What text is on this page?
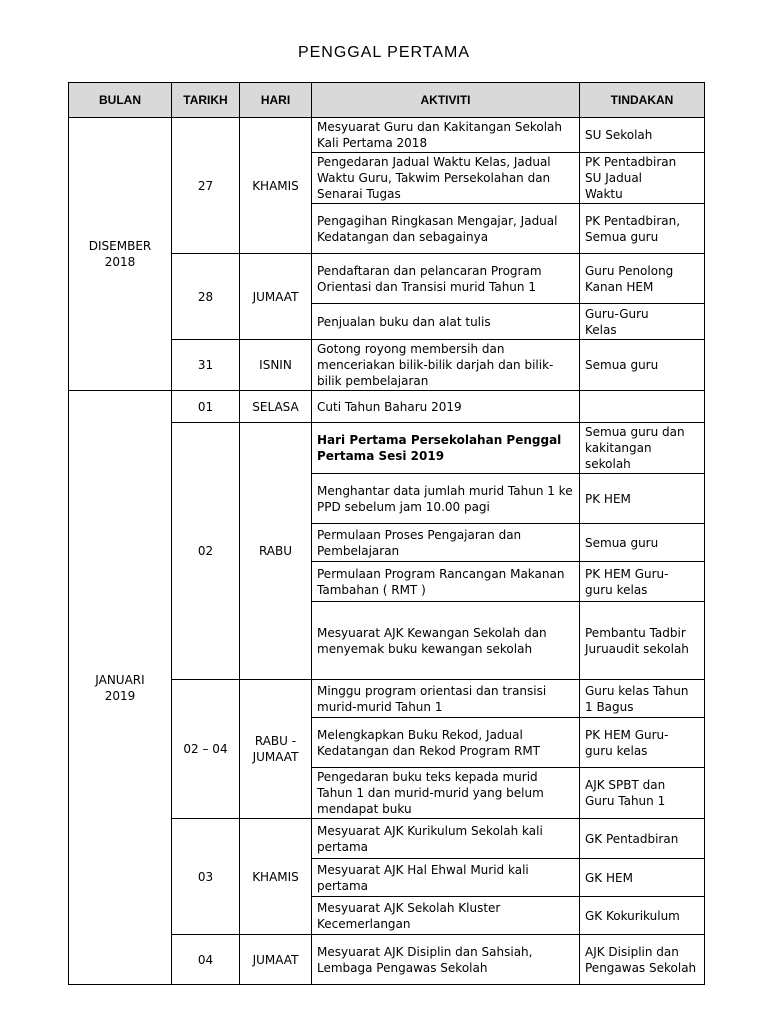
PENGGAL PERTAMA
BULAN	TARIKH	HARI	AKTIVITI	TINDAKAN
DISEMBER 2018	27	KHAMIS	Mesyuarat Guru dan Kakitangan Sekolah Kali Pertama 2018	SU Sekolah
			Pengedaran Jadual Waktu Kelas, Jadual Waktu Guru, Takwim Persekolahan dan Senarai Tugas	PK Pentadbiran SU Jadual Waktu
			Pengagihan Ringkasan Mengajar, Jadual Kedatangan dan sebagainya	PK Pentadbiran, Semua guru
	28	JUMAAT	Pendaftaran dan pelancaran Program Orientasi dan Transisi murid Tahun 1	Guru Penolong Kanan HEM
			Penjualan buku dan alat tulis	Guru-Guru Kelas
	31	ISNIN	Gotong royong membersih dan menceriakan bilik-bilik darjah dan bilik-bilik pembelajaran	Semua guru
JANUARI 2019	01	SELASA	Cuti Tahun Baharu 2019	
	02	RABU	Hari Pertama Persekolahan Penggal Pertama Sesi 2019	Semua guru dan kakitangan sekolah
			Menghantar data jumlah murid Tahun 1 ke PPD sebelum jam 10.00 pagi	PK HEM
			Permulaan Proses Pengajaran dan Pembelajaran	Semua guru
			Permulaan Program Rancangan Makanan Tambahan ( RMT )	PK HEM Guru-guru kelas
			Mesyuarat AJK Kewangan Sekolah dan menyemak buku kewangan sekolah	Pembantu Tadbir Juruaudit sekolah
	02 – 04	RABU - JUMAAT	Minggu program orientasi dan transisi murid-murid Tahun 1	Guru kelas Tahun 1 Bagus
			Melengkapkan Buku Rekod, Jadual Kedatangan dan Rekod Program RMT	PK HEM Guru-guru kelas
			Pengedaran buku teks kepada murid Tahun 1 dan murid-murid yang belum mendapat buku	AJK SPBT dan Guru Tahun 1
	03	KHAMIS	Mesyuarat AJK Kurikulum Sekolah kali pertama	GK Pentadbiran
			Mesyuarat AJK Hal Ehwal Murid kali pertama	GK HEM
			Mesyuarat AJK Sekolah Kluster Kecemerlangan	GK Kokurikulum
	04	JUMAAT	Mesyuarat AJK Disiplin dan Sahsiah, Lembaga Pengawas Sekolah	AJK Disiplin dan Pengawas Sekolah
